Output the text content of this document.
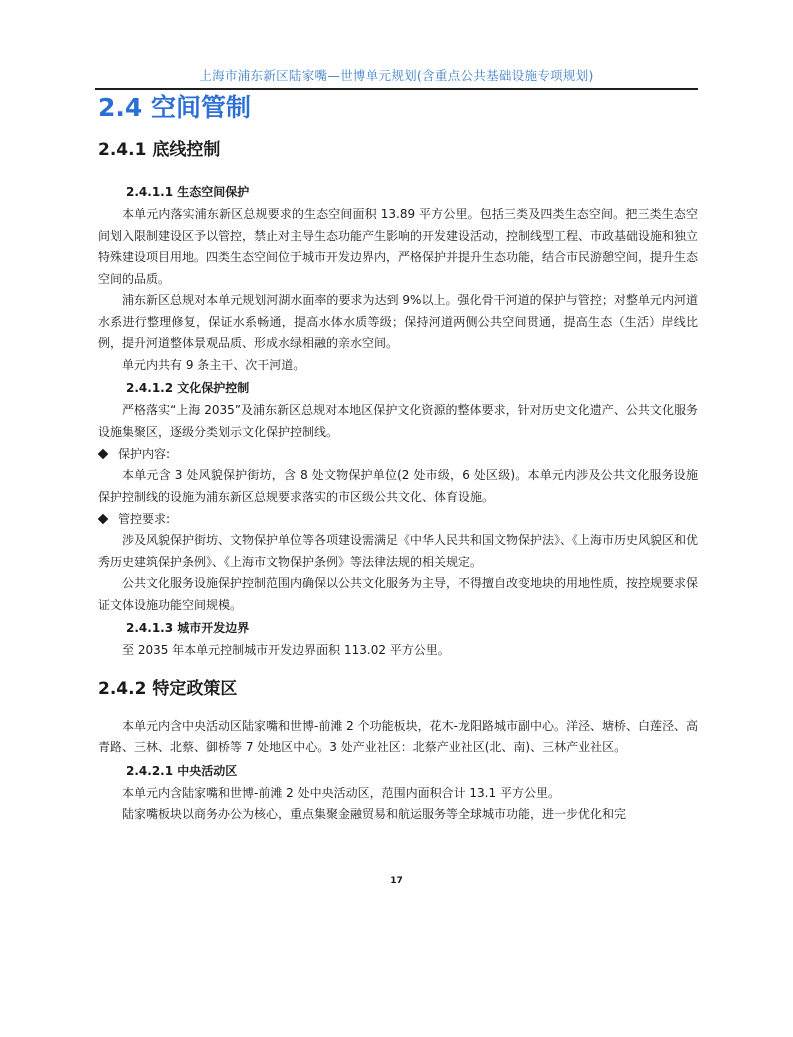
上海市浦东新区陆家嘴—世博单元规划(含重点公共基础设施专项规划)
2.4 空间管制
2.4.1 底线控制
2.4.1.1 生态空间保护

本单元内落实浦东新区总规要求的生态空间面积 13.89 平方公里。包括三类及四类生态空间。把三类生态空间划入限制建设区予以管控，禁止对主导生态功能产生影响的开发建设活动，控制线型工程、市政基础设施和独立特殊建设项目用地。四类生态空间位于城市开发边界内，严格保护并提升生态功能，结合市民游憩空间，提升生态空间的品质。

浦东新区总规对本单元规划河湖水面率的要求为达到 9%以上。强化骨干河道的保护与管控；对整单元内河道水系进行整理修复，保证水系畅通，提高水体水质等级；保持河道两侧公共空间贯通，提高生态（生活）岸线比例，提升河道整体景观品质、形成水绿相融的亲水空间。

单元内共有 9 条主干、次干河道。

2.4.1.2 文化保护控制

严格落实“上海 2035”及浦东新区总规对本地区保护文化资源的整体要求，针对历史文化遗产、公共文化服务设施集聚区，逐级分类划示文化保护控制线。

保护内容:

本单元含 3 处风貌保护街坊，含 8 处文物保护单位(2 处市级，6 处区级)。本单元内涉及公共文化服务设施保护控制线的设施为浦东新区总规要求落实的市区级公共文化、体育设施。

管控要求:

涉及风貌保护街坊、文物保护单位等各项建设需满足《中华人民共和国文物保护法》、《上海市历史风貌区和优秀历史建筑保护条例》、《上海市文物保护条例》等法律法规的相关规定。

公共文化服务设施保护控制范围内确保以公共文化服务为主导，不得擅自改变地块的用地性质，按控规要求保证文体设施功能空间规模。

2.4.1.3 城市开发边界

至 2035 年本单元控制城市开发边界面积 113.02 平方公里。

2.4.2 特定政策区

本单元内含中央活动区陆家嘴和世博-前滩 2 个功能板块，花木-龙阳路城市副中心。洋泾、塘桥、白莲泾、高青路、三林、北蔡、御桥等 7 处地区中心。3 处产业社区：北蔡产业社区(北、南)、三林产业社区。

2.4.2.1 中央活动区

本单元内含陆家嘴和世博-前滩 2 处中央活动区，范围内面积合计 13.1 平方公里。

陆家嘴板块以商务办公为核心，重点集聚金融贸易和航运服务等全球城市功能，进一步优化和完

17
